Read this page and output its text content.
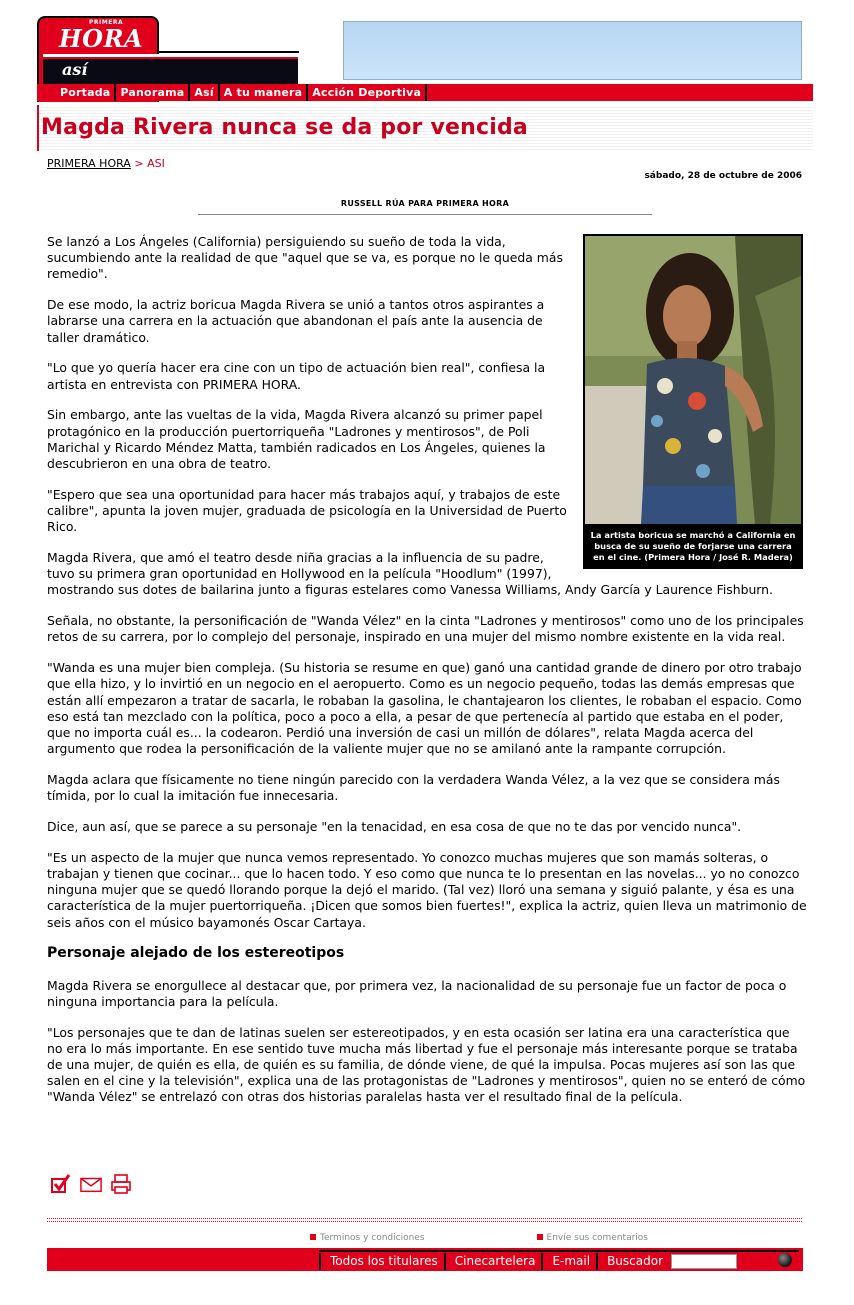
PRIMERA
HORA
así
Portada Panorama Así A tu manera Acción Deportiva
Magda Rivera nunca se da por vencida
PRIMERA HORA > ASI
sábado, 28 de octubre de 2006
RUSSELL RÚA PARA PRIMERA HORA
La artista boricua se marchó a California en busca de su sueño de forjarse una carrera en el cine. (Primera Hora / José R. Madera)

Se lanzó a Los Ángeles (California) persiguiendo su sueño de toda la vida, sucumbiendo ante la realidad de que "aquel que se va, es porque no le queda más remedio".

De ese modo, la actriz boricua Magda Rivera se unió a tantos otros aspirantes a labrarse una carrera en la actuación que abandonan el país ante la ausencia de taller dramático.

"Lo que yo quería hacer era cine con un tipo de actuación bien real", confiesa la artista en entrevista con PRIMERA HORA.

Sin embargo, ante las vueltas de la vida, Magda Rivera alcanzó su primer papel protagónico en la producción puertorriqueña "Ladrones y mentirosos", de Poli Marichal y Ricardo Méndez Matta, también radicados en Los Ángeles, quienes la descubrieron en una obra de teatro.

"Espero que sea una oportunidad para hacer más trabajos aquí, y trabajos de este calibre", apunta la joven mujer, graduada de psicología en la Universidad de Puerto Rico.

Magda Rivera, que amó el teatro desde niña gracias a la influencia de su padre, tuvo su primera gran oportunidad en Hollywood en la película "Hoodlum" (1997), mostrando sus dotes de bailarina junto a figuras estelares como Vanessa Williams, Andy García y Laurence Fishburn.

Señala, no obstante, la personificación de "Wanda Vélez" en la cinta "Ladrones y mentirosos" como uno de los principales retos de su carrera, por lo complejo del personaje, inspirado en una mujer del mismo nombre existente en la vida real.

"Wanda es una mujer bien compleja. (Su historia se resume en que) ganó una cantidad grande de dinero por otro trabajo que ella hizo, y lo invirtió en un negocio en el aeropuerto. Como es un negocio pequeño, todas las demás empresas que están allí empezaron a tratar de sacarla, le robaban la gasolina, le chantajearon los clientes, le robaban el espacio. Como eso está tan mezclado con la política, poco a poco a ella, a pesar de que pertenecía al partido que estaba en el poder, que no importa cuál es... la codearon. Perdió una inversión de casi un millón de dólares", relata Magda acerca del argumento que rodea la personificación de la valiente mujer que no se amilanó ante la rampante corrupción.

Magda aclara que físicamente no tiene ningún parecido con la verdadera Wanda Vélez, a la vez que se considera más tímida, por lo cual la imitación fue innecesaria.

Dice, aun así, que se parece a su personaje "en la tenacidad, en esa cosa de que no te das por vencido nunca".

"Es un aspecto de la mujer que nunca vemos representado. Yo conozco muchas mujeres que son mamás solteras, o trabajan y tienen que cocinar... que lo hacen todo. Y eso como que nunca te lo presentan en las novelas... yo no conozco ninguna mujer que se quedó llorando porque la dejó el marido. (Tal vez) lloró una semana y siguió palante, y ésa es una característica de la mujer puertorriqueña. ¡Dicen que somos bien fuertes!", explica la actriz, quien lleva un matrimonio de seis años con el músico bayamonés Oscar Cartaya.

Personaje alejado de los estereotipos

Magda Rivera se enorgullece al destacar que, por primera vez, la nacionalidad de su personaje fue un factor de poca o ninguna importancia para la película.

"Los personajes que te dan de latinas suelen ser estereotipados, y en esta ocasión ser latina era una característica que no era lo más importante. En ese sentido tuve mucha más libertad y fue el personaje más interesante porque se trataba de una mujer, de quién es ella, de quién es su familia, de dónde viene, de qué la impulsa. Pocas mujeres así son las que salen en el cine y la televisión", explica una de las protagonistas de "Ladrones y mentirosos", quien no se enteró de cómo "Wanda Vélez" se entrelazó con otras dos historias paralelas hasta ver el resultado final de la película.

Terminos y condiciones	Envíe sus comentarios
Todos los titulares	Cinecartelera	E-mail	Buscador
